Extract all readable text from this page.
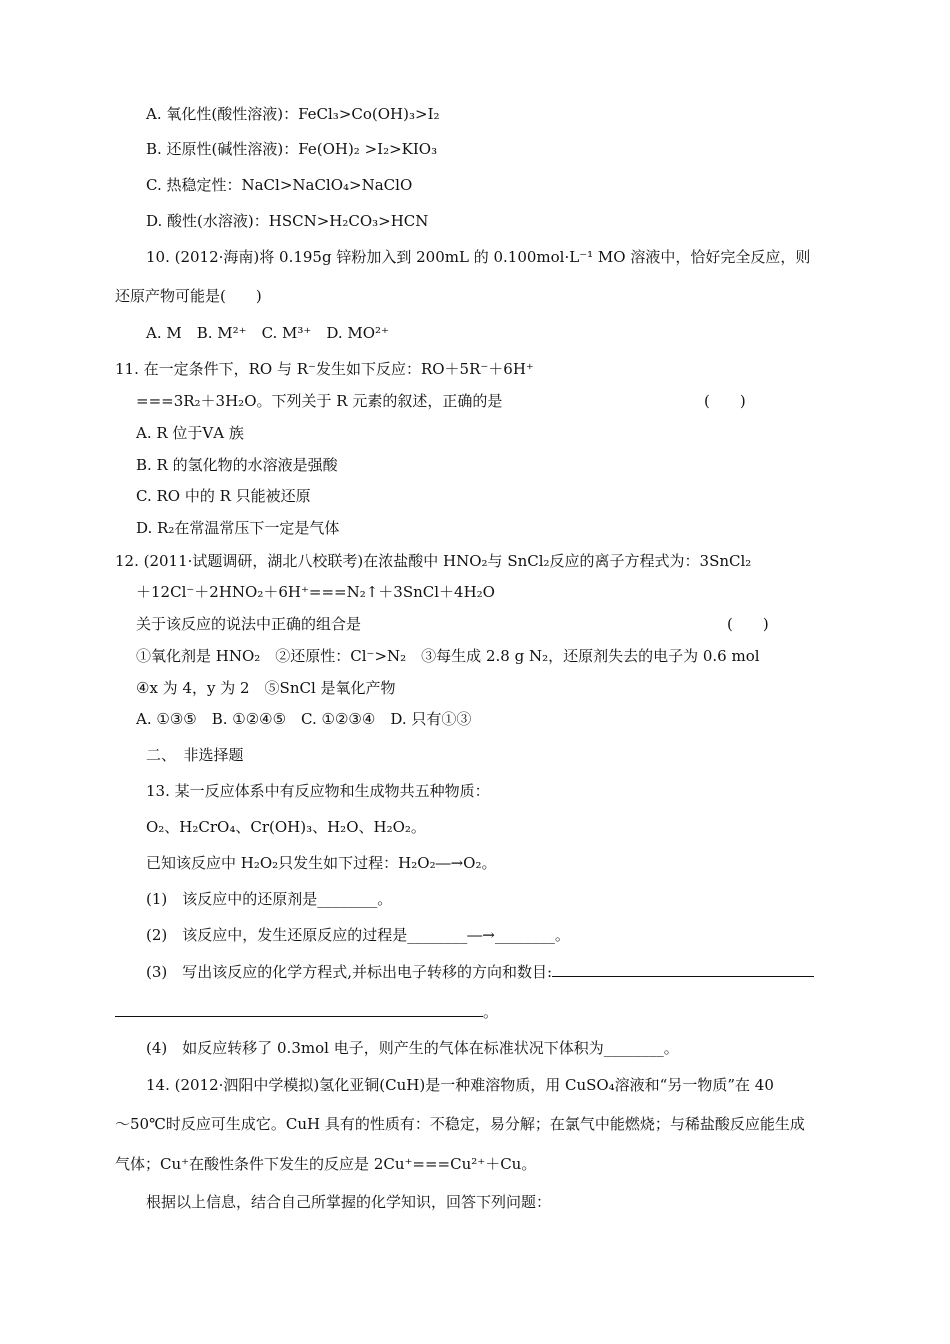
A. 氧化性(酸性溶液)：FeCl₃>Co(OH)₃>I₂
B. 还原性(碱性溶液)：Fe(OH)₂ >I₂>KIO₃
C. 热稳定性：NaCl>NaClO₄>NaClO
D. 酸性(水溶液)：HSCN>H₂CO₃>HCN
10. (2012·海南)将 0.195g 锌粉加入到 200mL 的 0.100mol·L⁻¹ MO 溶液中，恰好完全反应，则
还原产物可能是(　　)
A. M　B. M²⁺　C. M³⁺　D. MO²⁺
11. 在一定条件下，RO 与 R⁻发生如下反应：RO＋5R⁻＋6H⁺
===3R₂＋3H₂O。下列关于 R 元素的叙述，正确的是	(　　)
A. R 位于ⅤA 族
B. R 的氢化物的水溶液是强酸
C. RO 中的 R 只能被还原
D. R₂在常温常压下一定是气体
12. (2011·试题调研，湖北八校联考)在浓盐酸中 HNO₂与 SnCl₂反应的离子方程式为：3SnCl₂
＋12Cl⁻＋2HNO₂＋6H⁺===N₂↑＋3SnCl＋4H₂O
关于该反应的说法中正确的组合是	(　　)
①氧化剂是 HNO₂　②还原性：Cl⁻>N₂　③每生成 2.8 g N₂，还原剂失去的电子为 0.6 mol
④x 为 4，y 为 2　⑤SnCl 是氧化产物
A. ①③⑤　B. ①②④⑤　C. ①②③④　D. 只有①③
二、　非选择题
13. 某一反应体系中有反应物和生成物共五种物质：
O₂、H₂CrO₄、Cr(OH)₃、H₂O、H₂O₂。
已知该反应中 H₂O₂只发生如下过程：H₂O₂―→O₂。
(1)　该反应中的还原剂是________。
(2)　该反应中，发生还原反应的过程是________―→________。
(3)　写出该反应的化学方程式,并标出电子转移的方向和数目:
。
(4)　如反应转移了 0.3mol 电子，则产生的气体在标准状况下体积为________。
14. (2012·泗阳中学模拟)氢化亚铜(CuH)是一种难溶物质，用 CuSO₄溶液和“另一物质”在 40
～50℃时反应可生成它。CuH 具有的性质有：不稳定，易分解；在氯气中能燃烧；与稀盐酸反应能生成
气体；Cu⁺在酸性条件下发生的反应是 2Cu⁺===Cu²⁺＋Cu。
根据以上信息，结合自己所掌握的化学知识，回答下列问题：
